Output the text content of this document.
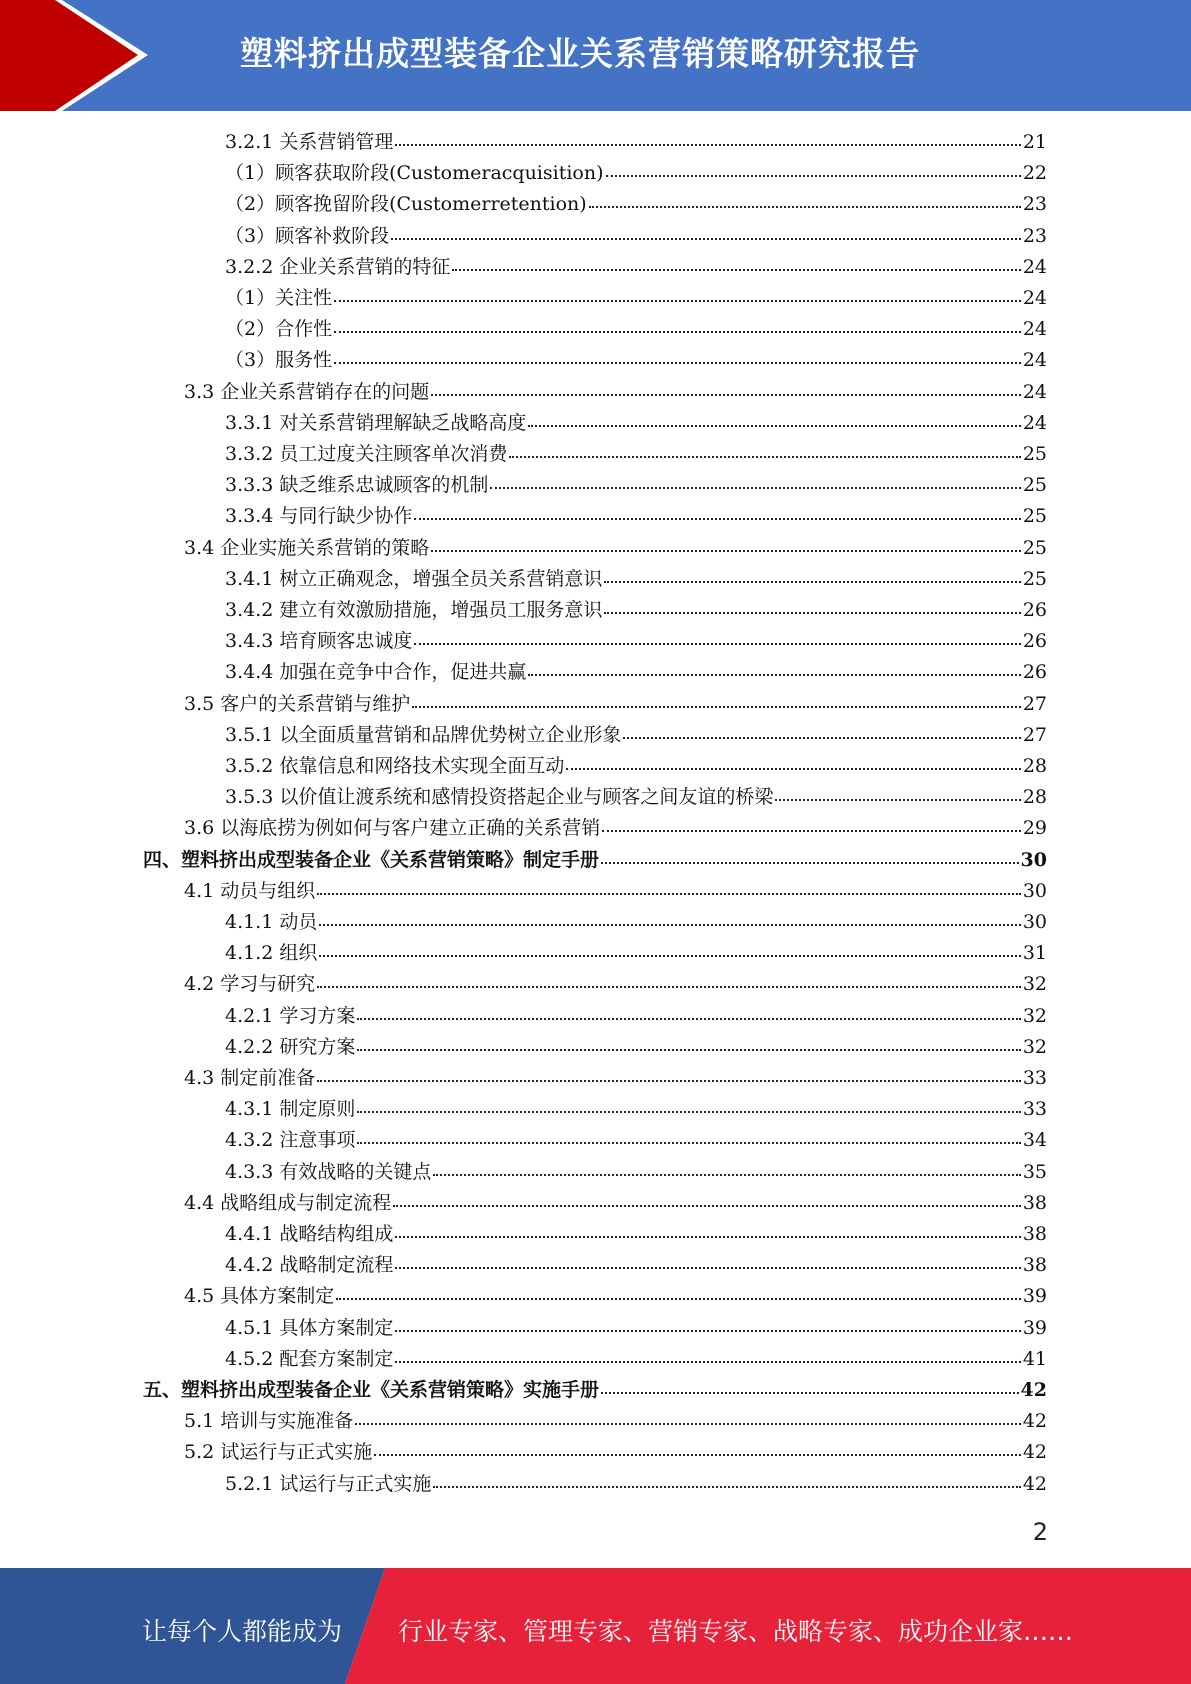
塑料挤出成型装备企业关系营销策略研究报告
3.2.1 关系营销管理	21
（1）顾客获取阶段(Customeracquisition)	22
（2）顾客挽留阶段(Customerretention)	23
（3）顾客补救阶段	23
3.2.2 企业关系营销的特征	24
（1）关注性	24
（2）合作性	24
（3）服务性	24
3.3 企业关系营销存在的问题	24
3.3.1 对关系营销理解缺乏战略高度	24
3.3.2 员工过度关注顾客单次消费	25
3.3.3 缺乏维系忠诚顾客的机制	25
3.3.4 与同行缺少协作	25
3.4 企业实施关系营销的策略	25
3.4.1 树立正确观念，增强全员关系营销意识	25
3.4.2 建立有效激励措施，增强员工服务意识	26
3.4.3 培育顾客忠诚度	26
3.4.4 加强在竞争中合作，促进共赢	26
3.5 客户的关系营销与维护	27
3.5.1 以全面质量营销和品牌优势树立企业形象	27
3.5.2 依靠信息和网络技术实现全面互动	28
3.5.3 以价值让渡系统和感情投资搭起企业与顾客之间友谊的桥梁	28
3.6 以海底捞为例如何与客户建立正确的关系营销	29
四、塑料挤出成型装备企业《关系营销策略》制定手册	30
4.1 动员与组织	30
4.1.1 动员	30
4.1.2 组织	31
4.2 学习与研究	32
4.2.1 学习方案	32
4.2.2 研究方案	32
4.3 制定前准备	33
4.3.1 制定原则	33
4.3.2 注意事项	34
4.3.3 有效战略的关键点	35
4.4 战略组成与制定流程	38
4.4.1 战略结构组成	38
4.4.2 战略制定流程	38
4.5 具体方案制定	39
4.5.1 具体方案制定	39
4.5.2 配套方案制定	41
五、塑料挤出成型装备企业《关系营销策略》实施手册	42
5.1 培训与实施准备	42
5.2 试运行与正式实施	42
5.2.1 试运行与正式实施	42
2
让每个人都能成为 行业专家、管理专家、营销专家、战略专家、成功企业家……
